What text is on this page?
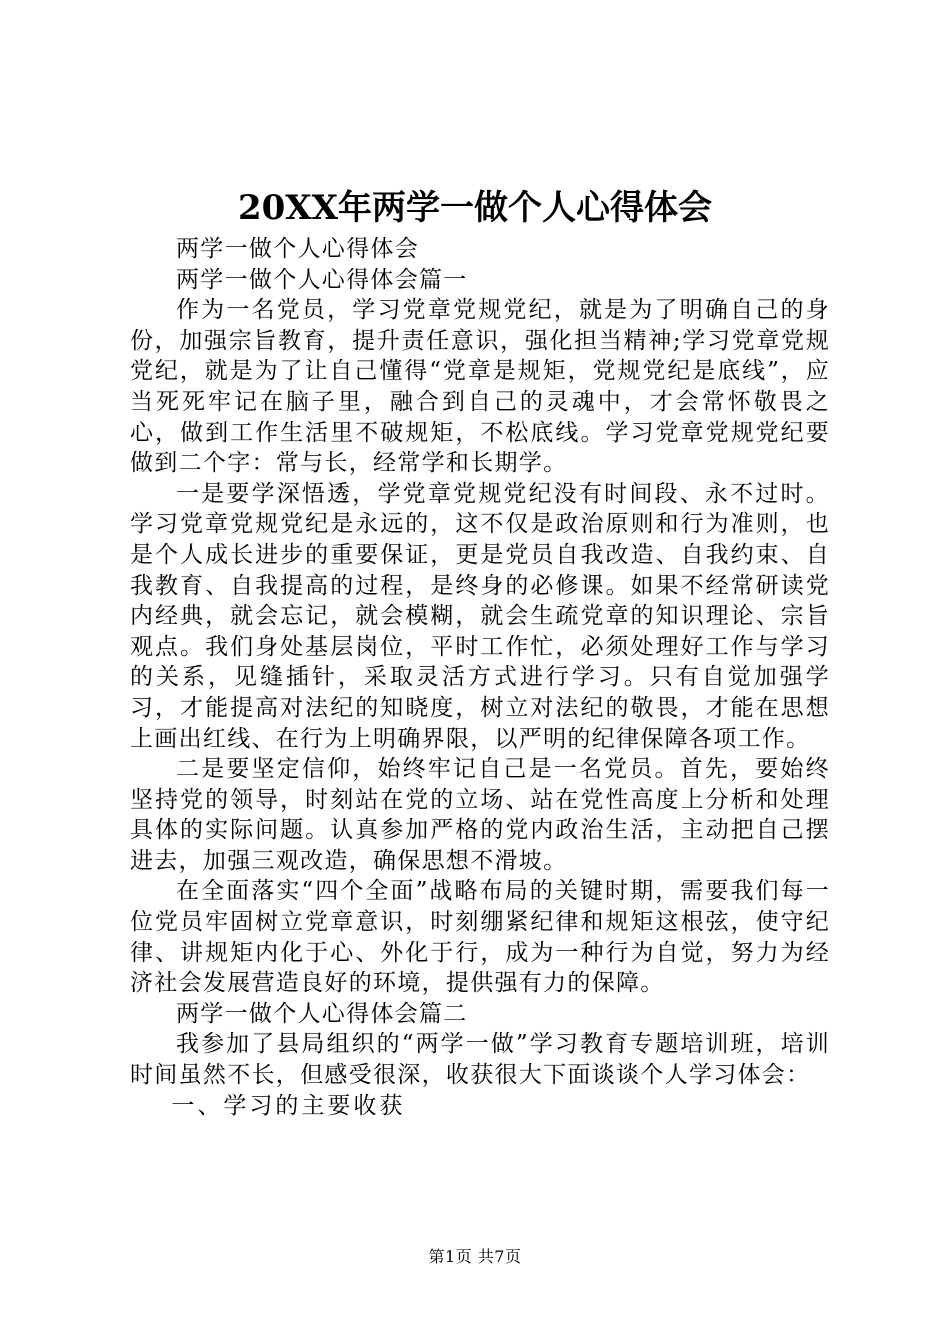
20XX年两学一做个人心得体会

两学一做个人心得体会

两学一做个人心得体会篇一

作为一名党员，学习党章党规党纪，就是为了明确自己的身份，加强宗旨教育，提升责任意识，强化担当精神;学习党章党规党纪，就是为了让自己懂得“党章是规矩，党规党纪是底线”，应当死死牢记在脑子里，融合到自己的灵魂中，才会常怀敬畏之心，做到工作生活里不破规矩，不松底线。学习党章党规党纪要做到二个字：常与长，经常学和长期学。

一是要学深悟透，学党章党规党纪没有时间段、永不过时。学习党章党规党纪是永远的，这不仅是政治原则和行为准则，也是个人成长进步的重要保证，更是党员自我改造、自我约束、自我教育、自我提高的过程，是终身的必修课。如果不经常研读党内经典，就会忘记，就会模糊，就会生疏党章的知识理论、宗旨观点。我们身处基层岗位，平时工作忙，必须处理好工作与学习的关系，见缝插针，采取灵活方式进行学习。只有自觉加强学习，才能提高对法纪的知晓度，树立对法纪的敬畏，才能在思想上画出红线、在行为上明确界限，以严明的纪律保障各项工作。

二是要坚定信仰，始终牢记自己是一名党员。首先，要始终坚持党的领导，时刻站在党的立场、站在党性高度上分析和处理具体的实际问题。认真参加严格的党内政治生活，主动把自己摆进去，加强三观改造，确保思想不滑坡。

在全面落实“四个全面”战略布局的关键时期，需要我们每一位党员牢固树立党章意识，时刻绷紧纪律和规矩这根弦，使守纪律、讲规矩内化于心、外化于行，成为一种行为自觉，努力为经济社会发展营造良好的环境，提供强有力的保障。

两学一做个人心得体会篇二

我参加了县局组织的“两学一做”学习教育专题培训班，培训时间虽然不长，但感受很深，收获很大下面谈谈个人学习体会：

一、学习的主要收获

第1页 共7页
